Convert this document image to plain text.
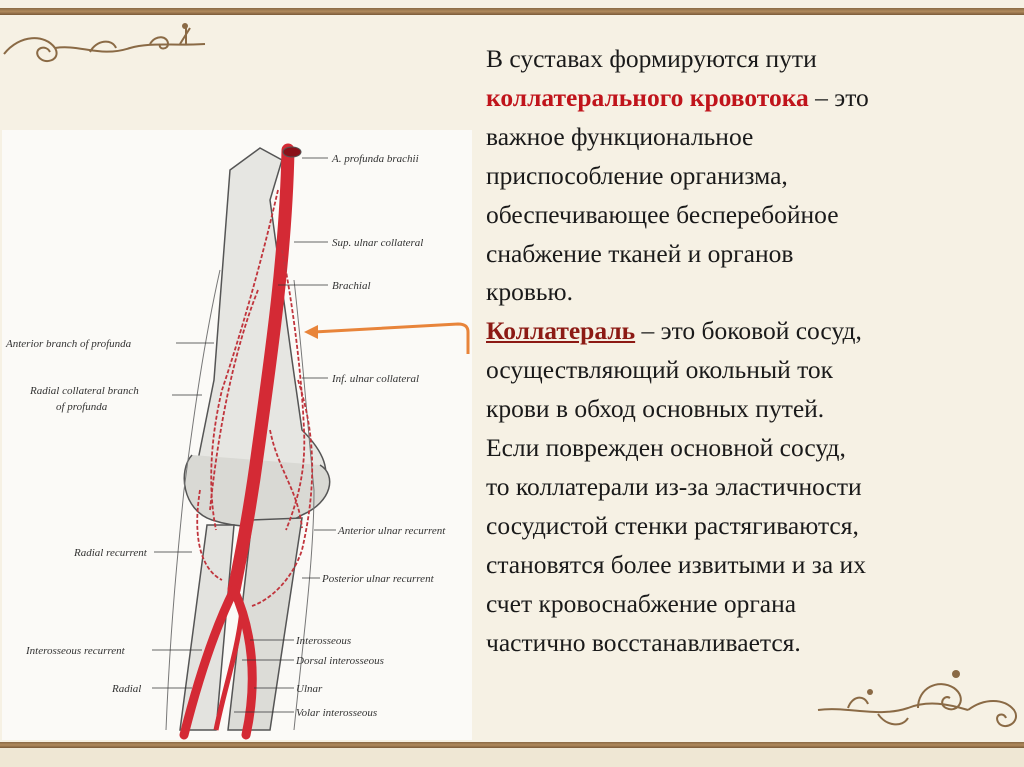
A. profunda brachii
Sup. ulnar collateral
Brachial
Anterior branch of profunda
Inf. ulnar collateral
Radial collateral branch
of profunda
Anterior ulnar recurrent
Radial recurrent
Posterior ulnar recurrent
Interosseous
Interosseous recurrent
Dorsal interosseous
Ulnar
Radial
Volar interosseous
В суставах формируются пути
коллатерального кровотока – это
важное функциональное
приспособление организма,
обеспечивающее бесперебойное
снабжение тканей и органов
кровью.
Коллатераль – это боковой сосуд,
осуществляющий окольный ток
крови в обход основных путей.
Если поврежден основной сосуд,
то коллатерали из-за эластичности
сосудистой стенки растягиваются,
становятся более извитыми и за их
счет кровоснабжение органа
частично восстанавливается.
